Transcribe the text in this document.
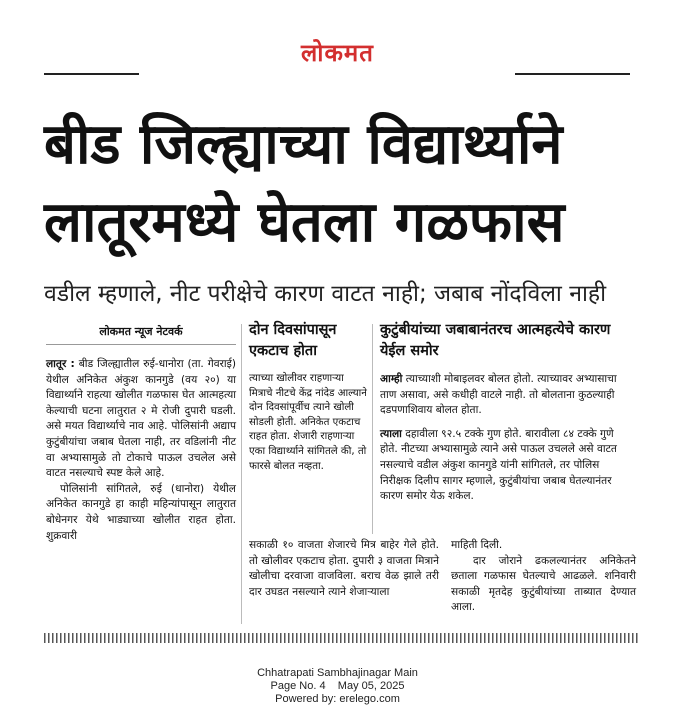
लोकमत
बीड जिल्ह्याच्या विद्यार्थ्याने
लातूरमध्ये घेतला गळफास
वडील म्हणाले, नीट परीक्षेचे कारण वाटत नाही; जबाब नोंदविला नाही
लोकमत न्यूज नेटवर्क

लातूर : बीड जिल्ह्यातील रुई-धानोरा (ता. गेवराई) येथील अनिकेत अंकुश कानगुडे (वय २०) या विद्यार्थ्याने राहत्या खोलीत गळफास घेत आत्महत्या केल्याची घटना लातुरात २ मे रोजी दुपारी घडली. असे मयत विद्यार्थ्याचे नाव आहे. पोलिसांनी अद्याप कुटुंबीयांचा जबाब घेतला नाही, तर वडिलांनी नीट वा अभ्यासामुळे तो टोकाचे पाऊल उचलेल असे वाटत नसल्याचे स्पष्ट केले आहे.

पोलिसांनी सांगितले, रुई (धानोरा) येथील अनिकेत कानगुडे हा काही महिन्यांपासून लातुरात बोधेनगर येथे भाड्याच्या खोलीत राहत होता. शुक्रवारी

दोन दिवसांपासून एकटाच होता

त्याच्या खोलीवर राहणाऱ्या मित्राचे नीटचे केंद्र नांदेड आल्याने दोन दिवसांपूर्वीच त्याने खोली सोडली होती. अनिकेत एकटाच राहत होता. शेजारी राहणाऱ्या एका विद्यार्थ्याने सांगितले की, तो फारसे बोलत नव्हता.

कुटुंबीयांच्या जबाबानंतरच आत्महत्येचे कारण येईल समोर

आम्ही त्याच्याशी मोबाइलवर बोलत होतो. त्याच्यावर अभ्यासाचा ताण असावा, असे कधीही वाटले नाही. तो बोलताना कुठल्याही दडपणाशिवाय बोलत होता.

त्याला दहावीला ९२.५ टक्के गुण होते. बारावीला ८४ टक्के गुणे होते. नीटच्या अभ्यासामुळे त्याने असे पाऊल उचलले असे वाटत नसल्याचे वडील अंकुश कानगुडे यांनी सांगितले, तर पोलिस निरीक्षक दिलीप सागर म्हणाले, कुटुंबीयांचा जबाब घेतल्यानंतर कारण समोर येऊ शकेल.

सकाळी १० वाजता शेजारचे मित्र बाहेर गेले होते. तो खोलीवर एकटाच होता. दुपारी ३ वाजता मित्राने खोलीचा दरवाजा वाजविला. बराच वेळ झाले तरी दार उघडत नसल्याने त्याने शेजाऱ्याला

माहिती दिली.

दार जोराने ढकलल्यानंतर अनिकेतने छताला गळफास घेतल्याचे आढळले. शनिवारी सकाळी मृतदेह कुटुंबीयांच्या ताब्यात देण्यात आला.

Chhatrapati Sambhajinagar Main
Page No. 4    May 05, 2025
Powered by: erelego.com
